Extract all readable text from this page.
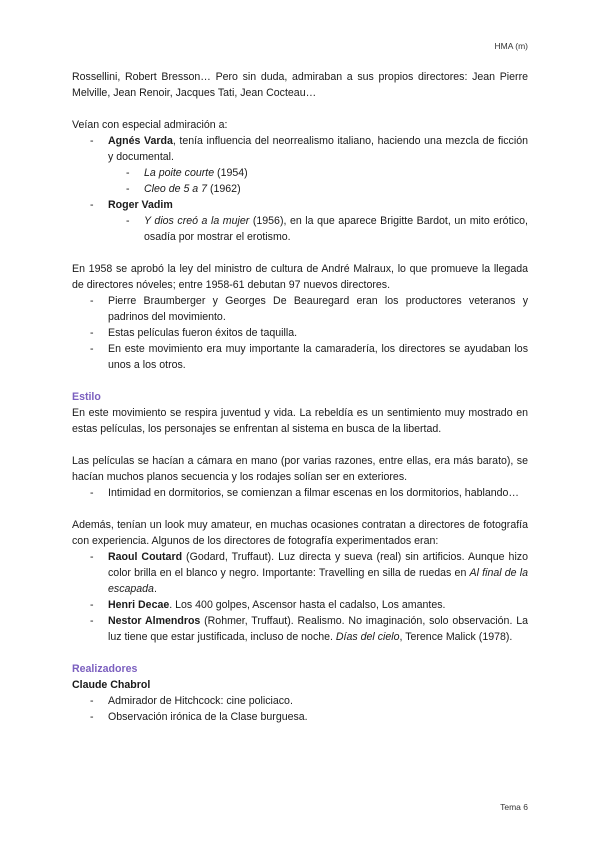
HMA (m)

Rossellini, Robert Bresson… Pero sin duda, admiraban a sus propios directores: Jean Pierre Melville, Jean Renoir, Jacques Tati, Jean Cocteau…

Veían con especial admiración a:

- Agnés Varda, tenía influencia del neorrealismo italiano, haciendo una mezcla de ficción y documental.
- La poite courte (1954)
- Cleo de 5 a 7 (1962)
- Roger Vadim
- Y dios creó a la mujer (1956), en la que aparece Brigitte Bardot, un mito erótico, osadía por mostrar el erotismo.

En 1958 se aprobó la ley del ministro de cultura de André Malraux, lo que promueve la llegada de directores nóveles; entre 1958-61 debutan 97 nuevos directores.

- Pierre Braumberger y Georges De Beauregard eran los productores veteranos y padrinos del movimiento.
- Estas películas fueron éxitos de taquilla.
- En este movimiento era muy importante la camaradería, los directores se ayudaban los unos a los otros.
Estilo

En este movimiento se respira juventud y vida. La rebeldía es un sentimiento muy mostrado en estas películas, los personajes se enfrentan al sistema en busca de la libertad.

Las películas se hacían a cámara en mano (por varias razones, entre ellas, era más barato), se hacían muchos planos secuencia y los rodajes solían ser en exteriores.

- Intimidad en dormitorios, se comienzan a filmar escenas en los dormitorios, hablando…

Además, tenían un look muy amateur, en muchas ocasiones contratan a directores de fotografía con experiencia. Algunos de los directores de fotografía experimentados eran:

- Raoul Coutard (Godard, Truffaut). Luz directa y sueva (real) sin artificios. Aunque hizo color brilla en el blanco y negro. Importante: Travelling en silla de ruedas en Al final de la escapada.
- Henri Decae. Los 400 golpes, Ascensor hasta el cadalso, Los amantes.
- Nestor Almendros (Rohmer, Truffaut). Realismo. No imaginación, solo observación. La luz tiene que estar justificada, incluso de noche. Días del cielo, Terence Malick (1978).
Realizadores
Claude Chabrol
- Admirador de Hitchcock: cine policiaco.
- Observación irónica de la Clase burguesa.
Tema 6
